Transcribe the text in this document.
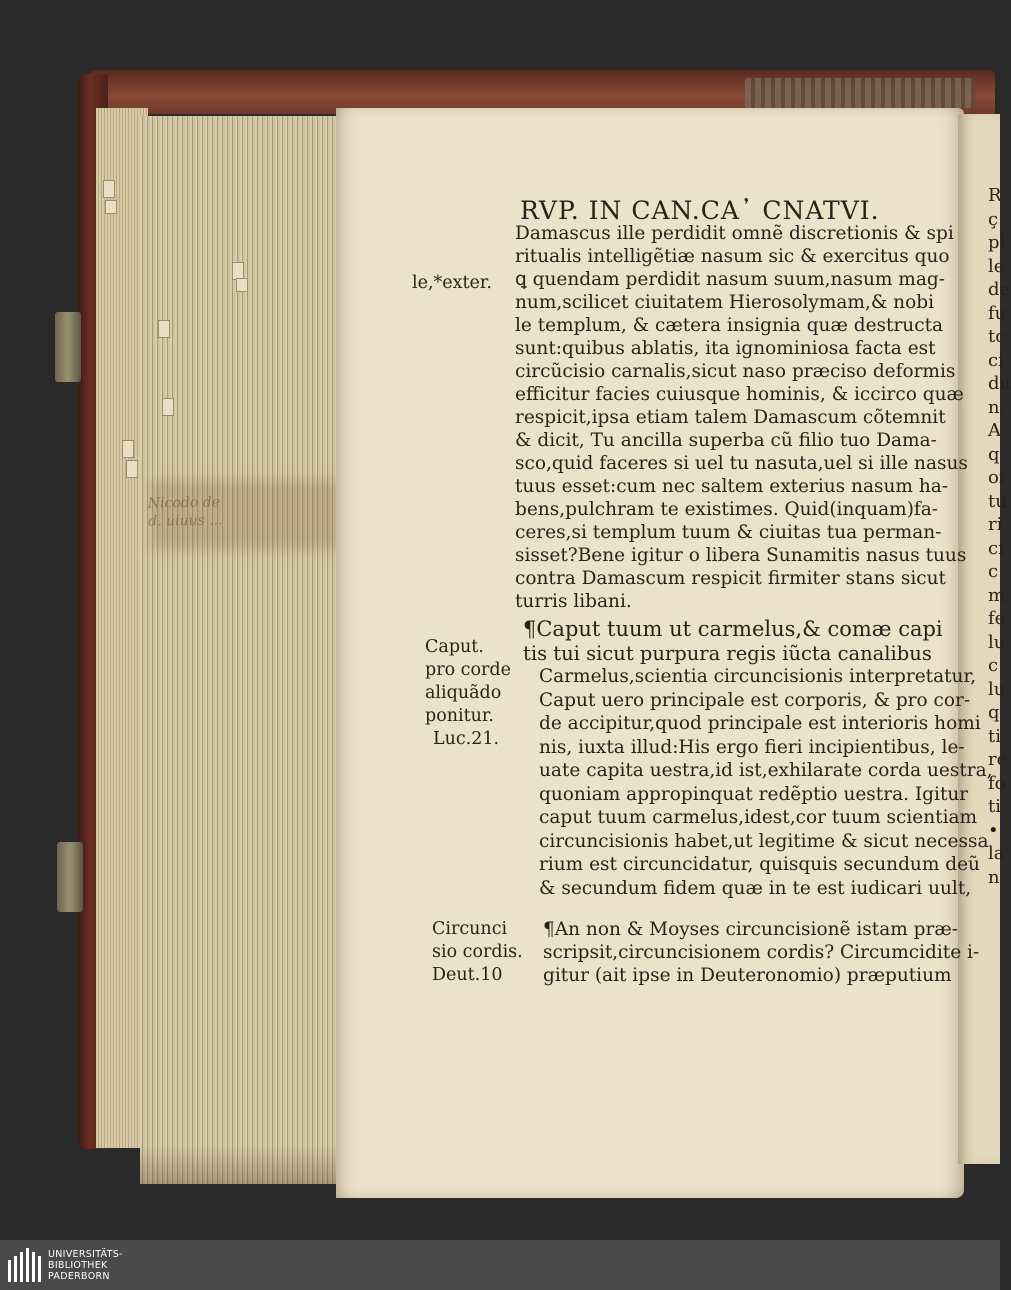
Nicodo de
d. uiuus ...
RVP. IN CAN.CA᾽ CNATVI.
le,*exter.
Damascus ille perdidit omnẽ discretionis & spi
ritualis intelligẽtiæ nasum sic & exercitus quo
ꝗ quendam perdidit nasum suum,nasum mag-
num,scilicet ciuitatem Hierosolymam,& nobi
le templum, & cætera insignia quæ destructa
sunt:quibus ablatis, ita ignominiosa facta est
circũcisio carnalis,sicut naso præciso deformis
efficitur facies cuiusque hominis, & iccirco quæ
respicit,ipsa etiam talem Damascum cõtemnit
& dicit, Tu ancilla superba cũ filio tuo Dama-
sco,quid faceres si uel tu nasuta,uel si ille nasus
tuus esset:cum nec saltem exterius nasum ha-
bens,pulchram te existimes. Quid(inquam)fa-
ceres,si templum tuum & ciuitas tua perman-
sisset?Bene igitur o libera Sunamitis nasus tuus
contra Damascum respicit firmiter stans sicut
turris libani.
Caput.
pro corde
aliquãdo
ponitur.
Luc.21.
¶Caput tuum ut carmelus,& comæ capi
tis tui sicut purpura regis iũcta canalibus
Carmelus,scientia circuncisionis interpretatur,
Caput uero principale est corporis, & pro cor-
de accipitur,quod principale est interioris homi
nis, iuxta illud:His ergo fieri incipientibus, le-
uate capita uestra,id ist,exhilarate corda uestra,
quoniam appropinquat redẽptio uestra. Igitur
caput tuum carmelus,idest,cor tuum scientiam
circuncisionis habet,ut legitime & sicut necessa
rium est circuncidatur, quisquis secundum deũ
& secundum fidem quæ in te est iudicari uult,
Circunci
sio cordis.
Deut.10
¶An non & Moyses circuncisionẽ istam præ-
scripsit,circuncisionem cordis? Circumcidite i-
gitur (ait ipse in Deuteronomio) præputium
R
ç
pl
le
de
fu
tc
ci
du
n;
A
q
oı
tu
ri
ci
c
m
fe
lu
c
lu
q
ti
re
fo
ti
•
la
n
UNIVERSITÄTS-
BIBLIOTHEK
PADERBORN
